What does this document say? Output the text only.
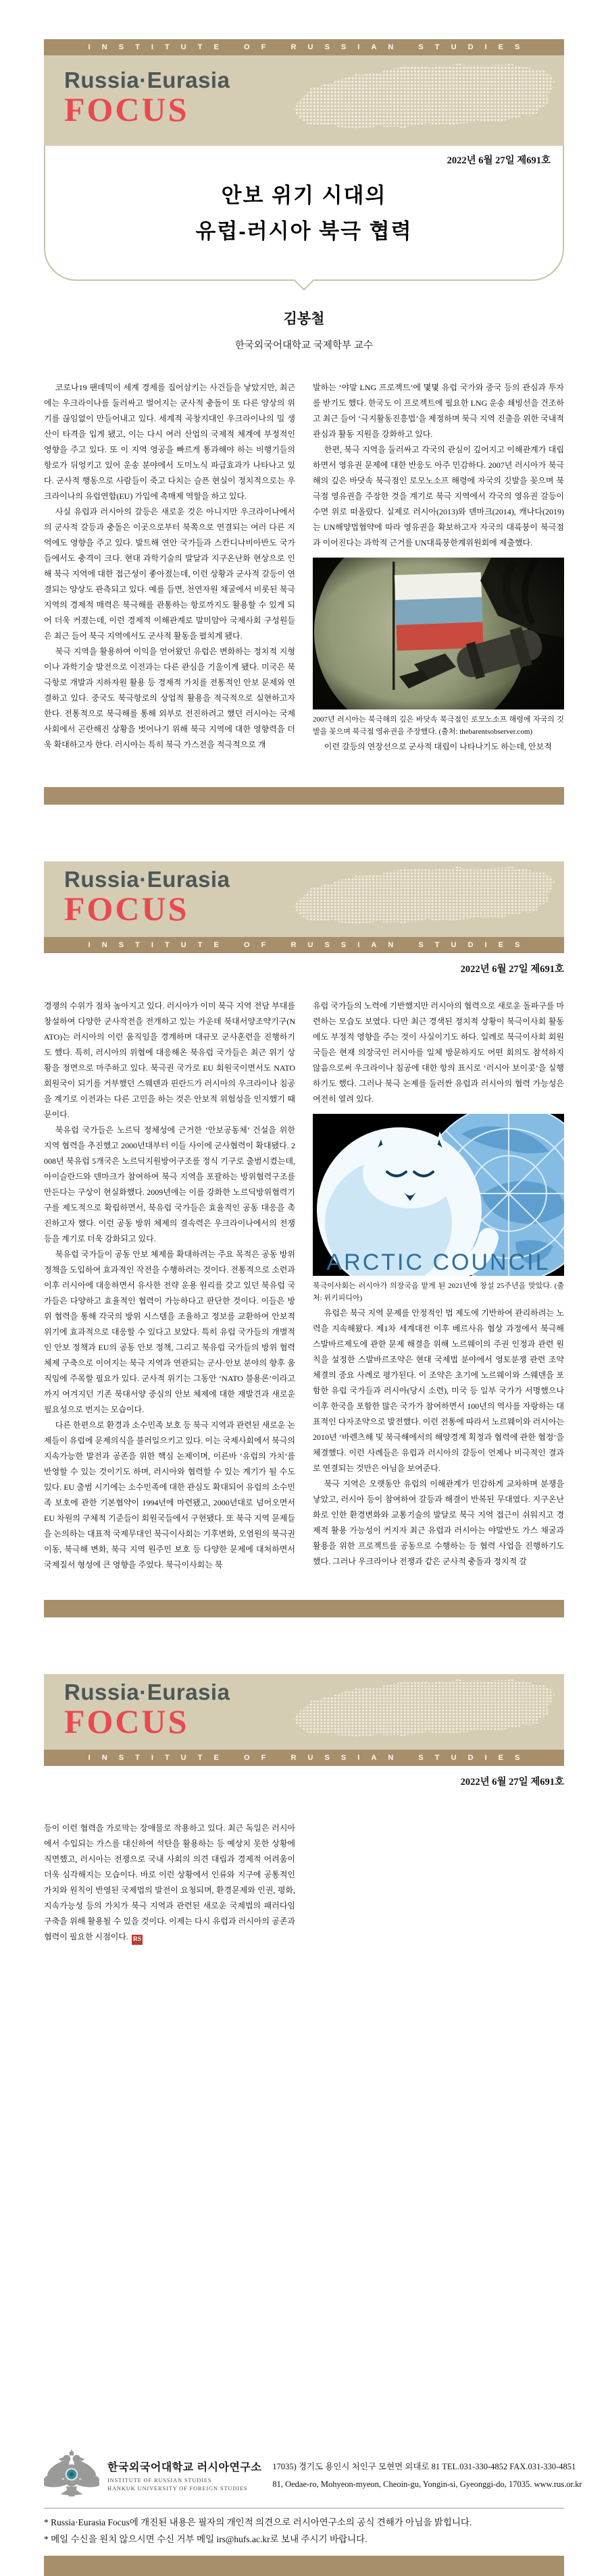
INSTITUTE OF RUSSIAN STUDIES
Russia·Eurasia
FOCUS
2022년 6월 27일 제691호
안보 위기 시대의
유럽-러시아 북극 협력
김봉철
한국외국어대학교 국제학부 교수

코로나19 팬데믹이 세계 경제를 집어삼키는 사건들을 낳았지만, 최근에는 우크라이나를 둘러싸고 벌어지는 군사적 충돌이 또 다른 양상의 위기를 끊임없이 만들어내고 있다. 세계적 곡창지대인 우크라이나의 밀 생산이 타격을 입게 됐고, 이는 다시 여러 산업의 국제적 체계에 부정적인 영향을 주고 있다. 또 이 지역 영공을 빠르게 통과해야 하는 비행기들의 항로가 뒤엉키고 있어 운송 분야에서 도미노식 파급효과가 나타나고 있다. 군사적 행동으로 사람들이 죽고 다치는 슬픈 현실이 정치적으로는 우크라이나의 유럽연합(EU) 가입에 촉매제 역할을 하고 있다.

사실 유럽과 러시아의 갈등은 새로운 것은 아니지만 우크라이나에서의 군사적 갈등과 충돌은 이곳으로부터 북쪽으로 연결되는 여러 다른 지역에도 영향을 주고 있다. 발트해 연안 국가들과 스칸디나비아반도 국가들에서도 충격이 크다. 현대 과학기술의 발달과 지구온난화 현상으로 인해 북극 지역에 대한 접근성이 좋아졌는데, 이런 상황과 군사적 갈등이 연결되는 양상도 관측되고 있다. 예를 들면, 천연자원 채굴에서 비롯된 북극 지역의 경제적 매력은 북극해를 관통하는 항로까지도 활용할 수 있게 되어 더욱 커졌는데, 이런 경제적 이해관계로 말미암아 국제사회 구성원들은 최근 들어 북극 지역에서도 군사적 활동을 펼치게 됐다.

북극 지역을 활용하여 이익을 얻어왔던 유럽은 변화하는 정치적 지형이나 과학기술 발전으로 이전과는 다른 관심을 기울이게 됐다. 미국은 북극항로 개발과 지하자원 활용 등 경제적 가치를 전통적인 안보 문제와 연결하고 있다. 중국도 북극항로의 상업적 활용을 적극적으로 실현하고자 한다. 전통적으로 북극해를 통해 외부로 전진하려고 했던 러시아는 국제사회에서 곤란해진 상황을 벗어나기 위해 북극 지역에 대한 영향력을 더욱 확대하고자 한다. 러시아는 특히 북극 가스전을 적극적으로 개

발하는 ‘야말 LNG 프로젝트’에 몇몇 유럽 국가와 중국 등의 관심과 투자를 받기도 했다. 한국도 이 프로젝트에 필요한 LNG 운송 쇄빙선을 건조하고 최근 들어 ‘극지활동진흥법’을 제정하며 북극 지역 진출을 위한 국내적 관심과 활동 지원을 강화하고 있다.

한편, 북극 지역을 둘러싸고 각국의 관심이 깊어지고 이해관계가 대립하면서 영유권 문제에 대한 반응도 아주 민감하다. 2007년 러시아가 북극해의 깊은 바닷속 북극점인 로모노소프 해령에 자국의 깃발을 꽂으며 북극점 영유권을 주장한 것을 계기로 북극 지역에서 각국의 영유권 갈등이 수면 위로 떠올랐다. 실제로 러시아(2013)와 덴마크(2014), 캐나다(2019)는 UN해양법협약에 따라 영유권을 확보하고자 자국의 대륙붕이 북극점과 이어진다는 과학적 근거를 UN대륙붕한계위원회에 제출했다.

2007년 러시아는 북극해의 깊은 바닷속 북극점인 로모노소프 해령에 자국의 깃발을 꽂으며 북극점 영유권을 주장했다. (출처: thebarentsobserver.com)

이런 갈등의 연장선으로 군사적 대립이 나타나기도 하는데, 안보적

Russia·Eurasia
FOCUS
INSTITUTE OF RUSSIAN STUDIES
2022년 6월 27일 제691호

경쟁의 수위가 점차 높아지고 있다. 러시아가 이미 북극 지역 전담 부대를 창설하여 다양한 군사작전을 전개하고 있는 가운데 북대서양조약기구(NATO)는 러시아의 이런 움직임을 경계하며 대규모 군사훈련을 진행하기도 했다. 특히, 러시아의 위협에 대응해온 북유럽 국가들은 최근 위기 상황을 정면으로 마주하고 있다. 북극권 국가로 EU 회원국이면서도 NATO 회원국이 되기를 거부했던 스웨덴과 핀란드가 러시아의 우크라이나 침공을 계기로 이전과는 다른 고민을 하는 것은 안보적 위험성을 인지했기 때문이다.

북유럽 국가들은 노르딕 정체성에 근거한 ‘안보공동체’ 건설을 위한 지역 협력을 추진했고 2000년대부터 이들 사이에 군사협력이 확대됐다. 2008년 북유럽 5개국은 노르딕지원방어구조를 정식 기구로 출범시켰는데, 아이슬란드와 덴마크가 참여하여 북극 지역을 포괄하는 방위협력구조를 만든다는 구상이 현실화했다. 2009년에는 이를 강화한 노르딕방위협력기구를 제도적으로 확립하면서, 북유럽 국가들은 효율적인 공동 대응을 촉진하고자 했다. 이런 공동 방위 체제의 결속력은 우크라이나에서의 전쟁 등을 계기로 더욱 강화되고 있다.

북유럽 국가들이 공동 안보 체제를 확대하려는 주요 목적은 공동 방위 정책을 도입하여 효과적인 작전을 수행하려는 것이다. 전통적으로 소련과 이후 러시아에 대응하면서 유사한 전략 운용 원리를 갖고 있던 북유럽 국가들은 다양하고 효율적인 협력이 가능하다고 판단한 것이다. 이들은 방위 협력을 통해 각국의 방위 시스템을 조율하고 정보를 교환하여 안보적 위기에 효과적으로 대응할 수 있다고 보았다. 특히 유럽 국가들의 개별적인 안보 정책과 EU의 공동 안보 정책, 그리고 북유럽 국가들의 방위 협력 체제 구축으로 이어지는 북극 지역과 연관되는 군사·안보 분야의 향후 움직임에 주목할 필요가 있다. 군사적 위기는 그동안 ‘NATO 불용론’이라고까지 여겨지던 기존 북대서양 중심의 안보 체제에 대한 재발견과 새로운 필요성으로 번지는 모습이다.

다른 한편으로 환경과 소수민족 보호 등 북극 지역과 관련된 새로운 논제들이 유럽에 문제의식을 불러일으키고 있다. 이는 국제사회에서 북극의 지속가능한 발전과 공존을 위한 핵심 논제이며, 이른바 ‘유럽의 가치’를 반영할 수 있는 것이기도 하며, 러시아와 협력할 수 있는 계기가 될 수도 있다. EU 출범 시기에는 소수민족에 대한 관심도 확대되어 유럽의 소수민족 보호에 관한 기본협약이 1994년에 마련됐고, 2000년대로 넘어오면서 EU 차원의 구체적 기준들이 회원국들에서 구현됐다. 또 북극 지역 문제들을 논의하는 대표적 국제무대인 북극이사회는 기후변화, 오염원의 북극권 이동, 북극해 변화, 북극 지역 원주민 보호 등 다양한 문제에 대처하면서 국제질서 형성에 큰 영향을 주었다. 북극이사회는 북

유럽 국가들의 노력에 기반했지만 러시아의 협력으로 새로운 돌파구를 마련하는 모습도 보였다. 다만 최근 경색된 정치적 상황이 북극이사회 활동에도 부정적 영향을 주는 것이 사실이기도 하다. 일례로 북극이사회 회원국들은 현재 의장국인 러시아를 일체 방문하지도 어떤 회의도 참석하지 않음으로써 우크라이나 침공에 대한 항의 표시로 ‘러시아 보이콧’을 실행하기도 했다. 그러나 북극 논제를 둘러싼 유럽과 러시아의 협력 가능성은 여전히 열려 있다.

ARCTIC COUNCIL
북극이사회는 러시아가 의장국을 맡게 된 2021년에 창설 25주년을 맞았다. (출처: 위키피디아)

유럽은 북극 지역 문제를 안정적인 법 제도에 기반하여 관리하려는 노력을 지속해왔다. 제1차 세계대전 이후 베르사유 협상 과정에서 북극해 스발바르제도에 관한 문제 해결을 위해 노르웨이의 주권 인정과 관련 원칙을 설정한 스발바르조약은 현대 국제법 분야에서 영토분쟁 관련 조약 체결의 중요 사례로 평가된다. 이 조약은 초기에 노르웨이와 스웨덴을 포함한 유럽 국가들과 러시아(당시 소련), 미국 등 일부 국가가 서명했으나 이후 한국을 포함한 많은 국가가 참여하면서 100년의 역사를 자랑하는 대표적인 다자조약으로 발전했다. 이런 전통에 따라서 노르웨이와 러시아는 2010년 ‘바렌츠해 및 북극해에서의 해양경계 획정과 협력에 관한 협정’을 체결했다. 이런 사례들은 유럽과 러시아의 갈등이 언제나 비극적인 결과로 연결되는 것만은 아님을 보여준다.

북극 지역은 오랫동안 유럽의 이해관계가 민감하게 교차하며 분쟁을 낳았고, 러시아 등이 참여하여 갈등과 해결이 반복된 무대였다. 지구온난화로 인한 환경변화와 교통기술의 발달로 북극 지역 접근이 쉬워지고 경제적 활용 가능성이 커지자 최근 유럽과 러시아는 야말반도 가스 채굴과 활용을 위한 프로젝트를 공동으로 수행하는 등 협력 사업을 진행하기도 했다. 그러나 우크라이나 전쟁과 같은 군사적 충돌과 정치적 갈

Russia·Eurasia
FOCUS
INSTITUTE OF RUSSIAN STUDIES
2022년 6월 27일 제691호

등이 이런 협력을 가로막는 장애물로 작용하고 있다. 최근 독일은 러시아에서 수입되는 가스를 대신하여 석탄을 활용하는 등 예상치 못한 상황에 직면했고, 러시아는 전쟁으로 국내 사회의 의견 대립과 경제적 어려움이 더욱 심각해지는 모습이다. 바로 이런 상황에서 인류와 지구에 공통적인 가치와 원칙이 반영된 국제법의 발전이 요청되며, 환경문제와 인권, 평화, 지속가능성 등의 가치가 북극 지역과 관련된 새로운 국제법의 패러다임 구축을 위해 활용될 수 있을 것이다. 이제는 다시 유럽과 러시아의 공존과 협력이 필요한 시점이다. RS

한국외국어대학교 러시아연구소
INSTITUTE OF RUSSIAN STUDIES
HANKUK UNIVERSITY OF FOREIGN STUDIES
17035) 경기도 용인시 처인구 모현면 외대로 81 TEL.031-330-4852 FAX.031-330-4851
81, Oedae-ro, Mohyeon-myeon, Cheoin-gu, Yongin-si, Gyeonggi-do, 17035. www.rus.or.kr
* Russia·Eurasia Focus에 개진된 내용은 필자의 개인적 의견으로 러시아연구소의 공식 견해가 아님을 밝힙니다.
* 메일 수신을 원치 않으시면 수신 거부 메일 irs@hufs.ac.kr로 보내 주시기 바랍니다.
